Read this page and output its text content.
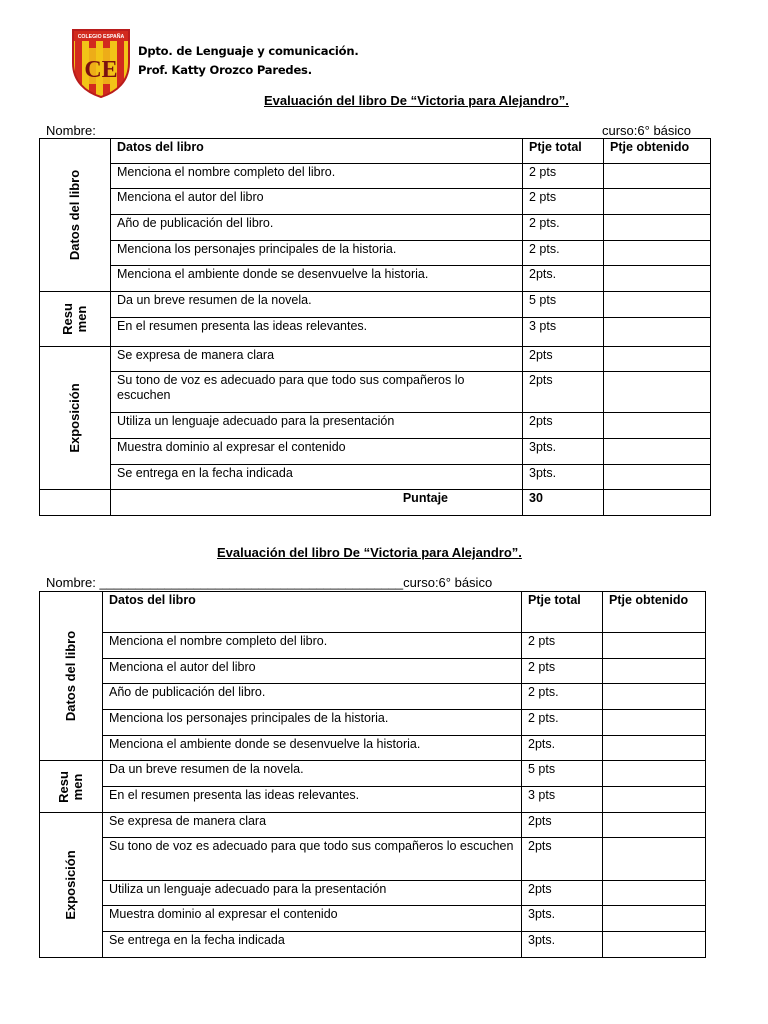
COLEGIO ESPAÑA
CE
Dpto. de Lenguaje y comunicación.
Prof. Katty Orozco Paredes.
Evaluación del libro De “Victoria para Alejandro”.
Nombre:	curso:6° básico
Datos del libro	Datos del libro	Ptje total	Ptje obtenido
	Menciona el nombre completo del libro.	2 pts	
	Menciona el autor del libro	2 pts	
	Año de publicación del libro.	2 pts.	
	Menciona los personajes principales de la historia.	2 pts.	
	Menciona el ambiente donde se desenvuelve la historia.	2pts.	

Resu
men	Da un breve resumen de la novela.	5 pts	
	En el resumen presenta las ideas relevantes.	3 pts	

Exposición	Se expresa de manera clara	2pts	
	Su tono de voz es adecuado para que todo sus compañeros lo escuchen	2pts	
	Utiliza un lenguaje adecuado para la presentación	2pts	
	Muestra dominio al expresar el contenido	3pts.	
	Se entrega en la fecha indicada	3pts.	
	Puntaje	30	
Evaluación del libro De “Victoria para Alejandro”.
Nombre: __________________________________________curso:6° básico
Datos del libro	Datos del libro	Ptje total	Ptje obtenido
	Menciona el nombre completo del libro.	2 pts	
	Menciona el autor del libro	2 pts	
	Año de publicación del libro.	2 pts.	
	Menciona los personajes principales de la historia.	2 pts.	
	Menciona el ambiente donde se desenvuelve la historia.	2pts.	

Resu
men	Da un breve resumen de la novela.	5 pts	
	En el resumen presenta las ideas relevantes.	3 pts	

Exposición	Se expresa de manera clara	2pts	
	Su tono de voz es adecuado para que todo sus compañeros lo escuchen	2pts	
	Utiliza un lenguaje adecuado para la presentación	2pts	
	Muestra dominio al expresar el contenido	3pts.	
	Se entrega en la fecha indicada	3pts.	
